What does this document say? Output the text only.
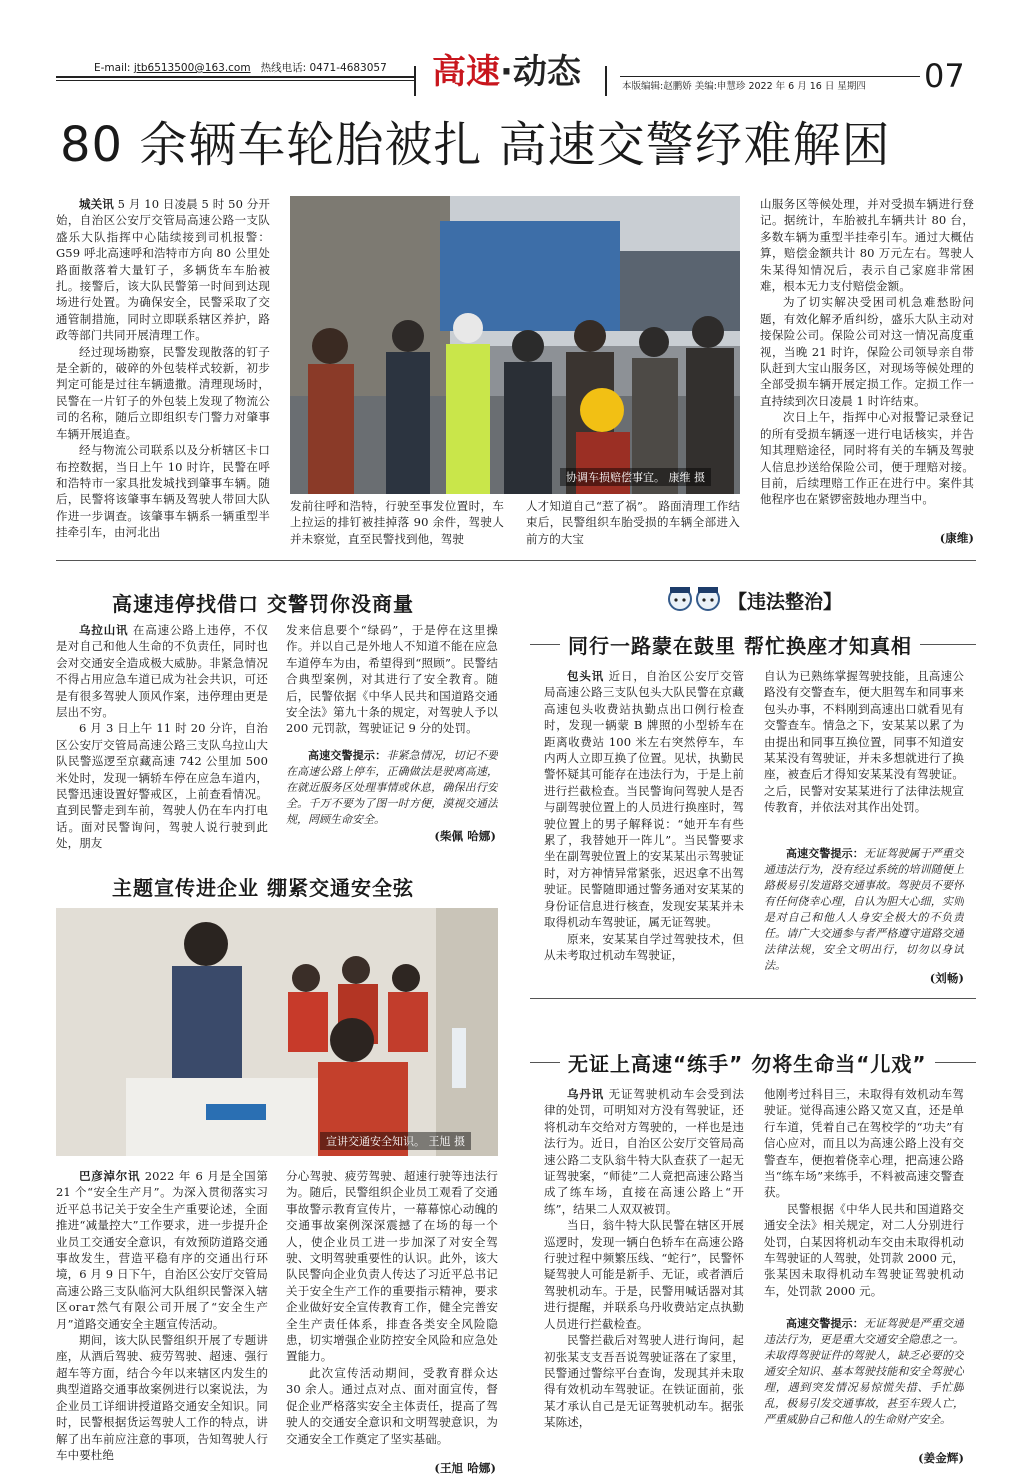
E-mail: jtb6513500@163.com 热线电话: 0471-4683057 高速·动态	本版编辑:赵鹏娇 美编:申慧珍 2022 年 6 月 16 日 星期四 07
80 余辆车轮胎被扎 高速交警纾难解困

城关讯 5 月 10 日凌晨 5 时 50 分开始，自治区公安厅交管局高速公路一支队盛乐大队指挥中心陆续接到司机报警：G59 呼北高速呼和浩特市方向 80 公里处路面散落着大量钉子，多辆货车车胎被扎。接警后，该大队民警第一时间到达现场进行处置。为确保安全，民警采取了交通管制措施，同时立即联系辖区养护，路政等部门共同开展清理工作。

经过现场勘察，民警发现散落的钉子是全新的，破碎的外包装样式较新，初步判定可能是过往车辆遗撒。清理现场时，民警在一片钉子的外包装上发现了物流公司的名称，随后立即组织专门警力对肇事车辆开展追查。

经与物流公司联系以及分析辖区卡口布控数据，当日上午 10 时许，民警在呼和浩特市一家具批发城找到肇事车辆。随后，民警将该肇事车辆及驾驶人带回大队作进一步调查。该肇事车辆系一辆重型半挂牵引车，由河北出

协调车损赔偿事宜。 康维 摄

发前往呼和浩特，行驶至事发位置时，车上拉运的排钉被挂掉落 90 余件，驾驶人并未察觉，直至民警找到他，驾驶

人才知道自己“惹了祸”。 路面清理工作结束后，民警组织车胎受损的车辆全部进入前方的大宝

山服务区等候处理，并对受损车辆进行登记。据统计，车胎被扎车辆共计 80 台，多数车辆为重型半挂牵引车。通过大概估算，赔偿金额共计 80 万元左右。驾驶人朱某得知情况后，表示自己家庭非常困难，根本无力支付赔偿金额。

为了切实解决受困司机急难愁盼问题，有效化解矛盾纠纷，盛乐大队主动对接保险公司。保险公司对这一情况高度重视，当晚 21 时许，保险公司领导亲自带队赶到大宝山服务区，对现场等候处理的全部受损车辆开展定损工作。定损工作一直持续到次日凌晨 1 时许结束。

次日上午，指挥中心对报警记录登记的所有受损车辆逐一进行电话核实，并告知其理赔途径，同时将有关的车辆及驾驶人信息抄送给保险公司，便于理赔对接。目前，后续理赔工作正在进行中。案件其他程序也在紧锣密鼓地办理当中。

(康维)
高速违停找借口 交警罚你没商量

乌拉山讯 在高速公路上违停，不仅是对自己和他人生命的不负责任，同时也会对交通安全造成极大威胁。非紧急情况不得占用应急车道已成为社会共识，可还是有很多驾驶人顶风作案，违停理由更是层出不穷。

6 月 3 日上午 11 时 20 分许，自治区公安厅交管局高速公路三支队乌拉山大队民警巡逻至京藏高速 742 公里加 500 米处时，发现一辆轿车停在应急车道内，民警迅速设置好警戒区，上前查看情况。直到民警走到车前，驾驶人仍在车内打电话。面对民警询问，驾驶人说行驶到此处，朋友

发来信息要个“绿码”，于是停在这里操作。并以自己是外地人不知道不能在应急车道停车为由，希望得到“照顾”。民警结合典型案例，对其进行了安全教育。随后，民警依据《中华人民共和国道路交通安全法》第九十条的规定，对驾驶人予以 200 元罚款，驾驶证记 9 分的处罚。

高速交警提示：非紧急情况，切记不要在高速公路上停车，正确做法是驶离高速，在就近服务区处理事情或休息，确保出行安全。千万不要为了图一时方便，漠视交通法规，罔顾生命安全。

(柴佩 哈娜)
主题宣传进企业 绷紧交通安全弦
宣讲交通安全知识。 王旭 摄

巴彦淖尔讯 2022 年 6 月是全国第 21 个“安全生产月”。为深入贯彻落实习近平总书记关于安全生产重要论述，全面推进“减量控大”工作要求，进一步提升企业员工交通安全意识，有效预防道路交通事故发生，营造平稳有序的交通出行环境，6 月 9 日下午，自治区公安厅交管局高速公路三支队临河大队组织民警深入辖区огат然气有限公司开展了“安全生产月”道路交通安全主题宣传活动。

期间，该大队民警组织开展了专题讲座，从酒后驾驶、疲劳驾驶、超速、强行超车等方面，结合今年以来辖区内发生的典型道路交通事故案例进行以案说法，为企业员工详细讲授道路交通安全知识。同时，民警根据货运驾驶人工作的特点，讲解了出车前应注意的事项，告知驾驶人行车中要杜绝

分心驾驶、疲劳驾驶、超速行驶等违法行为。随后，民警组织企业员工观看了交通事故警示教育宣传片，一幕幕惊心动魄的交通事故案例深深震撼了在场的每一个人，使企业员工进一步加深了对安全驾驶、文明驾驶重要性的认识。此外，该大队民警向企业负责人传达了习近平总书记关于安全生产工作的重要指示精神，要求企业做好安全宣传教育工作，健全完善安全生产责任体系，排查各类安全风险隐患，切实增强企业防控安全风险和应急处置能力。

此次宣传活动期间，受教育群众达 30 余人。通过点对点、面对面宣传，督促企业严格落实安全主体责任，提高了驾驶人的交通安全意识和文明驾驶意识，为交通安全工作奠定了坚实基础。

(王旭 哈娜)
【违法整治】
同行一路蒙在鼓里 帮忙换座才知真相

包头讯 近日，自治区公安厅交管局高速公路三支队包头大队民警在京藏高速包头收费站执勤点出口例行检查时，发现一辆蒙 B 牌照的小型轿车在距离收费站 100 米左右突然停车，车内两人立即互换了位置。见状，执勤民警怀疑其可能存在违法行为，于是上前进行拦截检查。当民警询问驾驶人是否与副驾驶位置上的人员进行换座时，驾驶位置上的男子解释说：“她开车有些累了，我替她开一阵儿”。当民警要求坐在副驾驶位置上的安某某出示驾驶证时，对方神情异常紧张，迟迟拿不出驾驶证。民警随即通过警务通对安某某的身份证信息进行核查，发现安某某并未取得机动车驾驶证，属无证驾驶。

原来，安某某自学过驾驶技术，但从未考取过机动车驾驶证，

自认为已熟练掌握驾驶技能，且高速公路没有交警查车，便大胆驾车和同事来包头办事，不料刚到高速出口就看见有交警查车。情急之下，安某某以累了为由提出和同事互换位置，同事不知道安某某没有驾驶证，并未多想就进行了换座，被查后才得知安某某没有驾驶证。之后，民警对安某某进行了法律法规宣传教育，并依法对其作出处罚。

高速交警提示：无证驾驶属于严重交通违法行为，没有经过系统的培训随便上路极易引发道路交通事故。驾驶员不要怀有任何侥幸心理，自认为胆大心细，实则是对自己和他人人身安全极大的不负责任。请广大交通参与者严格遵守道路交通法律法规，安全文明出行，切勿以身试法。

(刘畅)
无证上高速“练手” 勿将生命当“儿戏”

乌丹讯 无证驾驶机动车会受到法律的处罚，可明知对方没有驾驶证，还将机动车交给对方驾驶的，一样也是违法行为。近日，自治区公安厅交管局高速公路二支队翁牛特大队查获了一起无证驾驶案，“师徒”二人竟把高速公路当成了练车场，直接在高速公路上“开练”，结果二人双双被罚。

当日，翁牛特大队民警在辖区开展巡逻时，发现一辆白色轿车在高速公路行驶过程中频繁压线、“蛇行”，民警怀疑驾驶人可能是新手、无证，或者酒后驾驶机动车。于是，民警用喊话器对其进行提醒，并联系乌丹收费站定点执勤人员进行拦截检查。

民警拦截后对驾驶人进行询问，起初张某支支吾吾说驾驶证落在了家里，民警通过警综平台查询，发现其并未取得有效机动车驾驶证。在铁证面前，张某才承认自己是无证驾驶机动车。据张某陈述，

他刚考过科目三，未取得有效机动车驾驶证。觉得高速公路又宽又直，还是单行车道，凭着自己在驾校学的“功夫”有信心应对，而且以为高速公路上没有交警查车，便抱着侥幸心理，把高速公路当“练车场”来练手，不料被高速交警查获。

民警根据《中华人民共和国道路交通安全法》相关规定，对二人分别进行处罚，白某因将机动车交由未取得机动车驾驶证的人驾驶，处罚款 2000 元，张某因未取得机动车驾驶证驾驶机动车，处罚款 2000 元。

高速交警提示：无证驾驶是严重交通违法行为，更是重大交通安全隐患之一。未取得驾驶证件的驾驶人，缺乏必要的交通安全知识、基本驾驶技能和安全驾驶心理，遇到突发情况易惊慌失措、手忙脚乱，极易引发交通事故，甚至车毁人亡，严重威胁自己和他人的生命财产安全。

(姜金辉)
